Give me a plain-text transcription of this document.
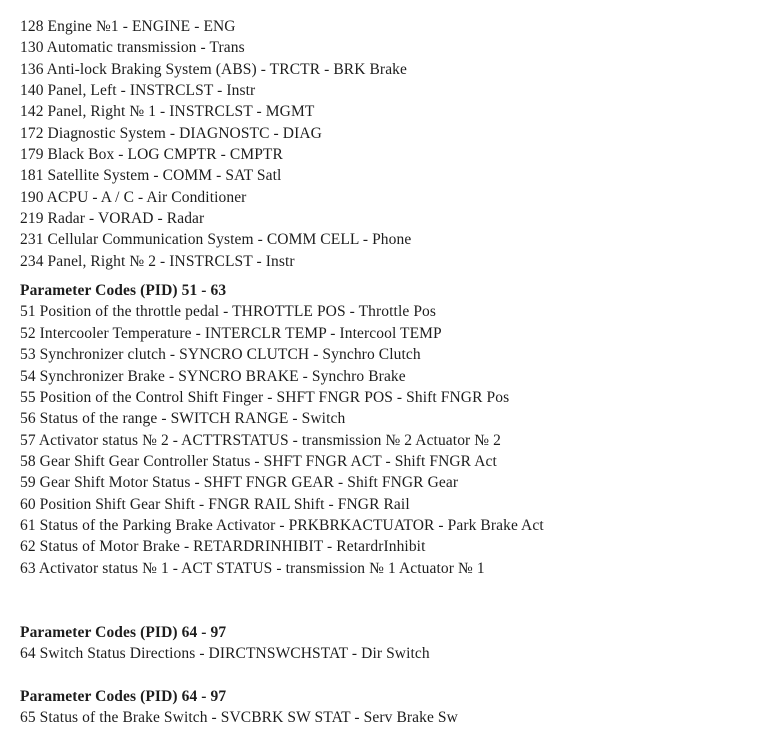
128 Engine №1 - ENGINE - ENG
130 Automatic transmission - Trans
136 Anti-lock Braking System (ABS) - TRCTR - BRK Brake
140 Panel, Left - INSTRCLST - Instr
142 Panel, Right № 1 - INSTRCLST - MGMT
172 Diagnostic System - DIAGNOSTC - DIAG
179 Black Box - LOG CMPTR - CMPTR
181 Satellite System - COMM - SAT Satl
190 ACPU - A / C - Air Conditioner
219 Radar - VORAD - Radar
231 Cellular Communication System - COMM CELL - Phone
234 Panel, Right № 2 - INSTRCLST - Instr
Parameter Codes (PID) 51 - 63
51 Position of the throttle pedal - THROTTLE POS - Throttle Pos
52 Intercooler Temperature - INTERCLR TEMP - Intercool TEMP
53 Synchronizer clutch - SYNCRO CLUTCH - Synchro Clutch
54 Synchronizer Brake - SYNCRO BRAKE - Synchro Brake
55 Position of the Control Shift Finger - SHFT FNGR POS - Shift FNGR Pos
56 Status of the range - SWITCH RANGE - Switch
57 Activator status № 2 - ACTTRSTATUS - transmission № 2 Actuator № 2
58 Gear Shift Gear Controller Status - SHFT FNGR ACT - Shift FNGR Act
59 Gear Shift Motor Status - SHFT FNGR GEAR - Shift FNGR Gear
60 Position Shift Gear Shift - FNGR RAIL Shift - FNGR Rail
61 Status of the Parking Brake Activator - PRKBRKACTUATOR - Park Brake Act
62 Status of Motor Brake - RETARDRINHIBIT - RetardrInhibit
63 Activator status № 1 - ACT STATUS - transmission № 1 Actuator № 1
Parameter Codes (PID) 64 - 97
64 Switch Status Directions - DIRCTNSWCHSTAT - Dir Switch
Parameter Codes (PID) 64 - 97
65 Status of the Brake Switch - SVCBRK SW STAT - Serv Brake Sw
